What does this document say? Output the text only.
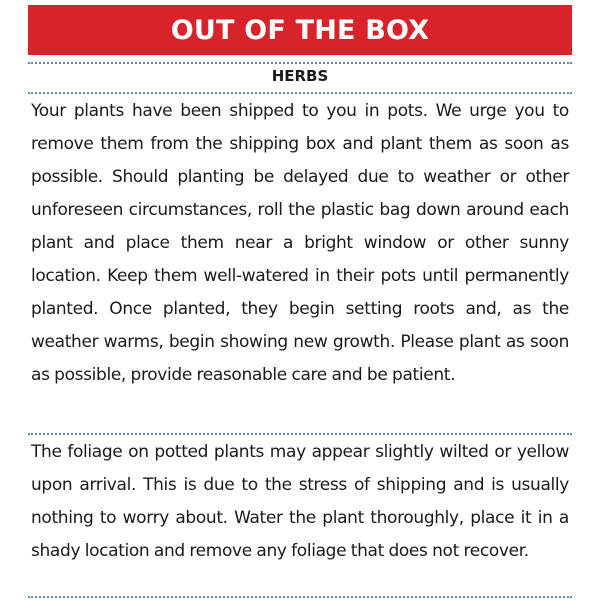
OUT OF THE BOX
HERBS

Your plants have been shipped to you in pots. We urge you to remove them from the shipping box and plant them as soon as possible. Should planting be delayed due to weather or other unforeseen circumstances, roll the plastic bag down around each plant and place them near a bright window or other sunny location. Keep them well-watered in their pots until permanently planted. Once planted, they begin setting roots and, as the weather warms, begin showing new growth. Please plant as soon as possible, provide reasonable care and be patient.

The foliage on potted plants may appear slightly wilted or yellow upon arrival. This is due to the stress of shipping and is usually nothing to worry about. Water the plant thoroughly, place it in a shady location and remove any foliage that does not recover.
